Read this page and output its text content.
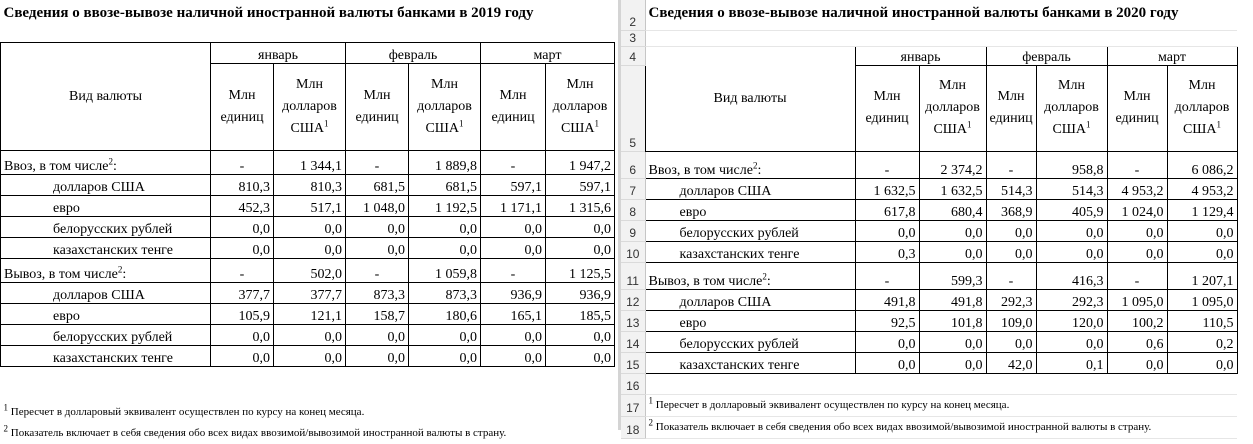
Сведения о ввозе-вывозе наличной иностранной валюты банками в 2019 году						

Вид валюты	январь		февраль		март	
	Млн единиц	Млн долларов США$^1$	Млн единиц	Млн долларов США$^1$	Млн единиц	Млн долларов США$^1$
Ввоз, в том числе$^2$:	-	1 344,1	-	1 889,8	-	1 947,2
долларов США	810,3	810,3	681,5	681,5	597,1	597,1
евро	452,3	517,1	1 048,0	1 192,5	1 171,1	1 315,6
белорусских рублей	0,0	0,0	0,0	0,0	0,0	0,0
казахстанских тенге	0,0	0,0	0,0	0,0	0,0	0,0
Вывоз, в том числе$^2$:	-	502,0	-	1 059,8	-	1 125,5
долларов США	377,7	377,7	873,3	873,3	936,9	936,9
евро	105,9	121,1	158,7	180,6	165,1	185,5
белорусских рублей	0,0	0,0	0,0	0,0	0,0	0,0
казахстанских тенге	0,0	0,0	0,0	0,0	0,0	0,0

$^1$ Пересчет в долларовый эквивалент осуществлен по курсу на конец месяца.						
$^2$ Показатель включает в себя сведения обо всех видах ввозимой/вывозимой иностранной валюты в страну.						
2	Сведения о ввозе-вывозе наличной иностранной валюты банками в 2020 году						
3							
4	Вид валюты	январь		февраль		март	
5		Млн единиц	Млн долларов США$^1$	Млн единиц	Млн долларов США$^1$	Млн единиц	Млн долларов США$^1$
6	Ввоз, в том числе$^2$:	-	2 374,2	-	958,8	-	6 086,2
7	долларов США	1 632,5	1 632,5	514,3	514,3	4 953,2	4 953,2
8	евро	617,8	680,4	368,9	405,9	1 024,0	1 129,4
9	белорусских рублей	0,0	0,0	0,0	0,0	0,0	0,0
10	казахстанских тенге	0,3	0,0	0,0	0,0	0,0	0,0
11	Вывоз, в том числе$^2$:	-	599,3	-	416,3	-	1 207,1
12	долларов США	491,8	491,8	292,3	292,3	1 095,0	1 095,0
13	евро	92,5	101,8	109,0	120,0	100,2	110,5
14	белорусских рублей	0,0	0,0	0,0	0,0	0,6	0,2
15	казахстанских тенге	0,0	0,0	42,0	0,1	0,0	0,0
16							
17	$^1$ Пересчет в долларовый эквивалент осуществлен по курсу на конец месяца.						
18	$^2$ Показатель включает в себя сведения обо всех видах ввозимой/вывозимой иностранной валюты в страну.						
